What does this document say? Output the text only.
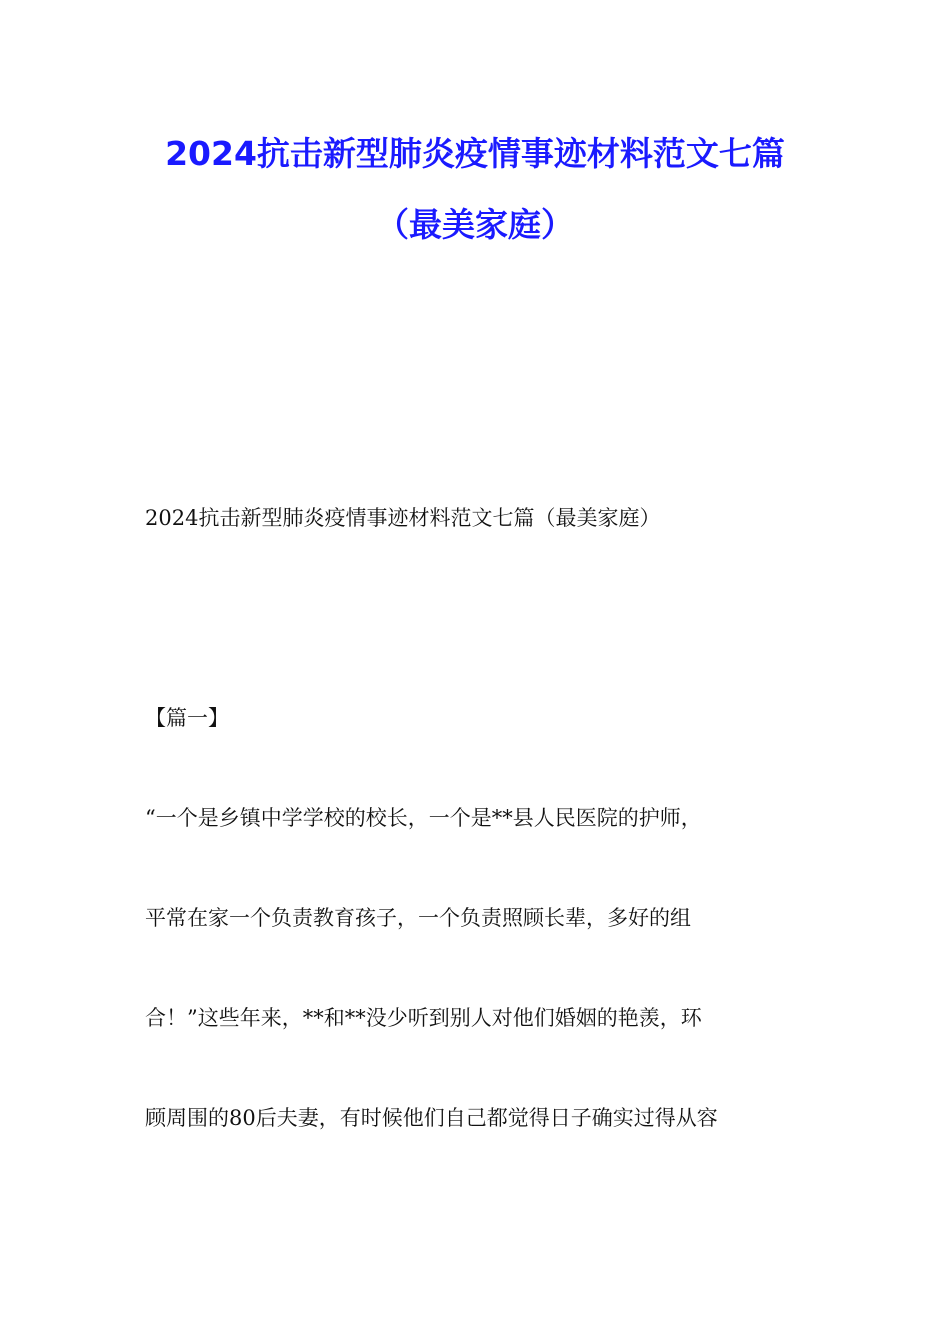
2024抗击新型肺炎疫情事迹材料范文七篇
（最美家庭）
2024抗击新型肺炎疫情事迹材料范文七篇（最美家庭）
【篇一】
“一个是乡镇中学学校的校长，一个是**县人民医院的护师，
平常在家一个负责教育孩子，一个负责照顾长辈，多好的组
合！”这些年来，**和**没少听到别人对他们婚姻的艳羡，环
顾周围的80后夫妻，有时候他们自己都觉得日子确实过得从容
